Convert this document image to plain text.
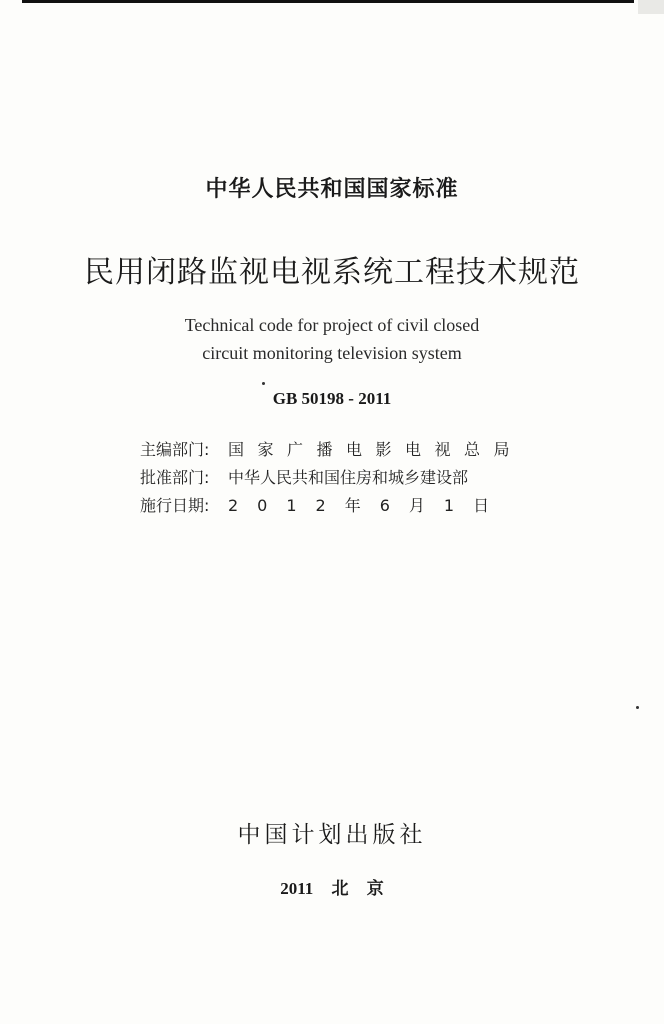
中华人民共和国国家标准
民用闭路监视电视系统工程技术规范
Technical code for project of civil closed
circuit monitoring television system
GB 50198 - 2011
主编部门:	国家广播电影电视总局
批准部门:	中华人民共和国住房和城乡建设部
施行日期:	2012年6月1日
中国计划出版社
2011 北 京
